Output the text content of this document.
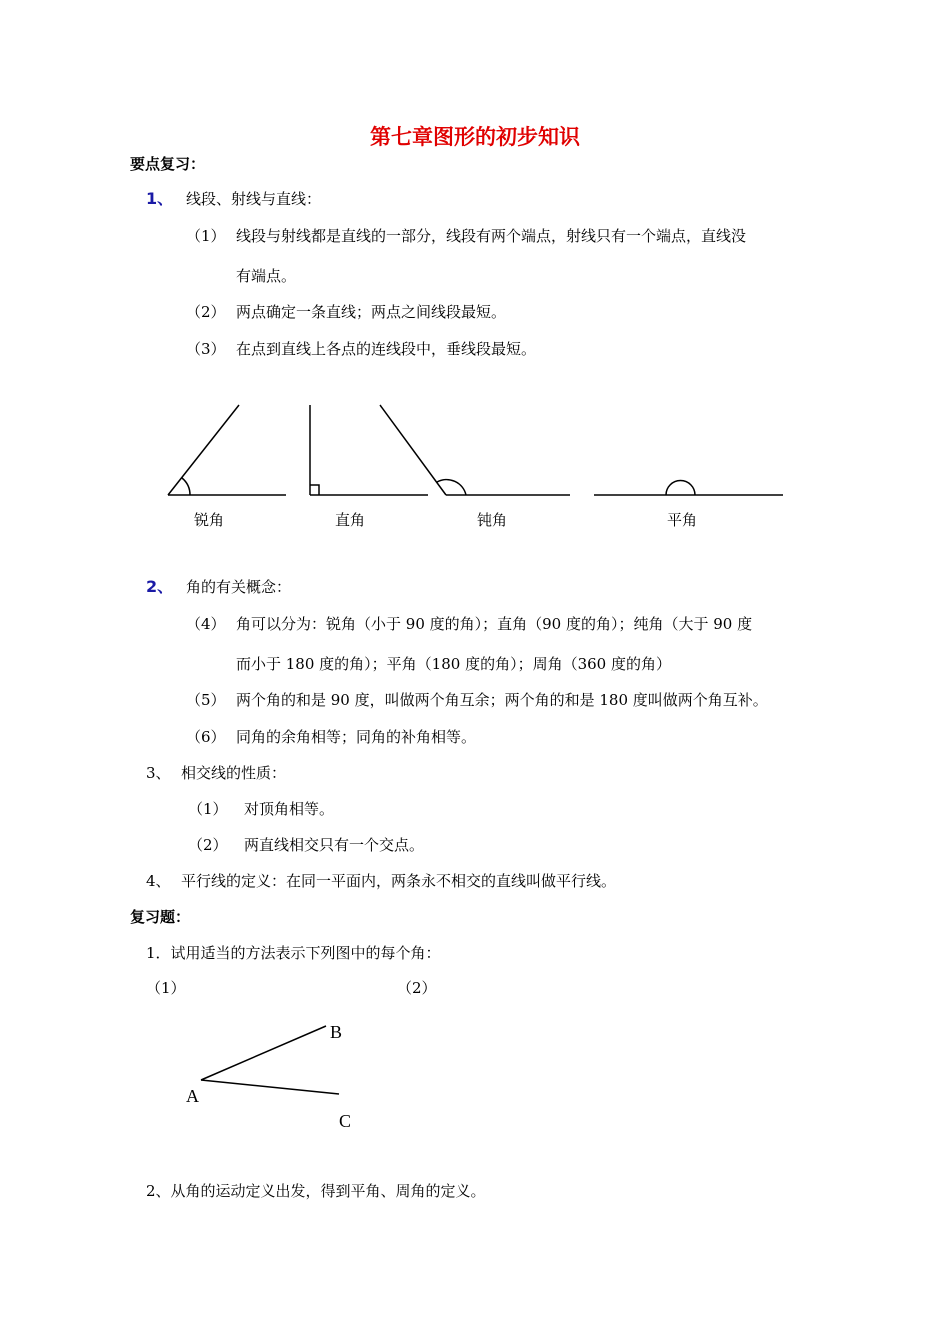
第七章图形的初步知识
要点复习：
1、 线段、射线与直线：
（1） 线段与射线都是直线的一部分，线段有两个端点，射线只有一个端点，直线没
有端点。
（2） 两点确定一条直线；两点之间线段最短。
（3） 在点到直线上各点的连线段中，垂线段最短。
锐角	直角	钝角	平角
2、 角的有关概念：
（4） 角可以分为：锐角（小于 90 度的角）；直角（90 度的角）；纯角（大于 90 度
而小于 180 度的角）；平角（180 度的角）；周角（360 度的角）
（5） 两个角的和是 90 度，叫做两个角互余；两个角的和是 180 度叫做两个角互补。
（6） 同角的余角相等；同角的补角相等。
3、 相交线的性质：
（1） 对顶角相等。
（2） 两直线相交只有一个交点。
4、 平行线的定义：在同一平面内，两条永不相交的直线叫做平行线。
复习题：
1．试用适当的方法表示下列图中的每个角：
（1）	（2）
B
A
C
2、从角的运动定义出发，得到平角、周角的定义。
